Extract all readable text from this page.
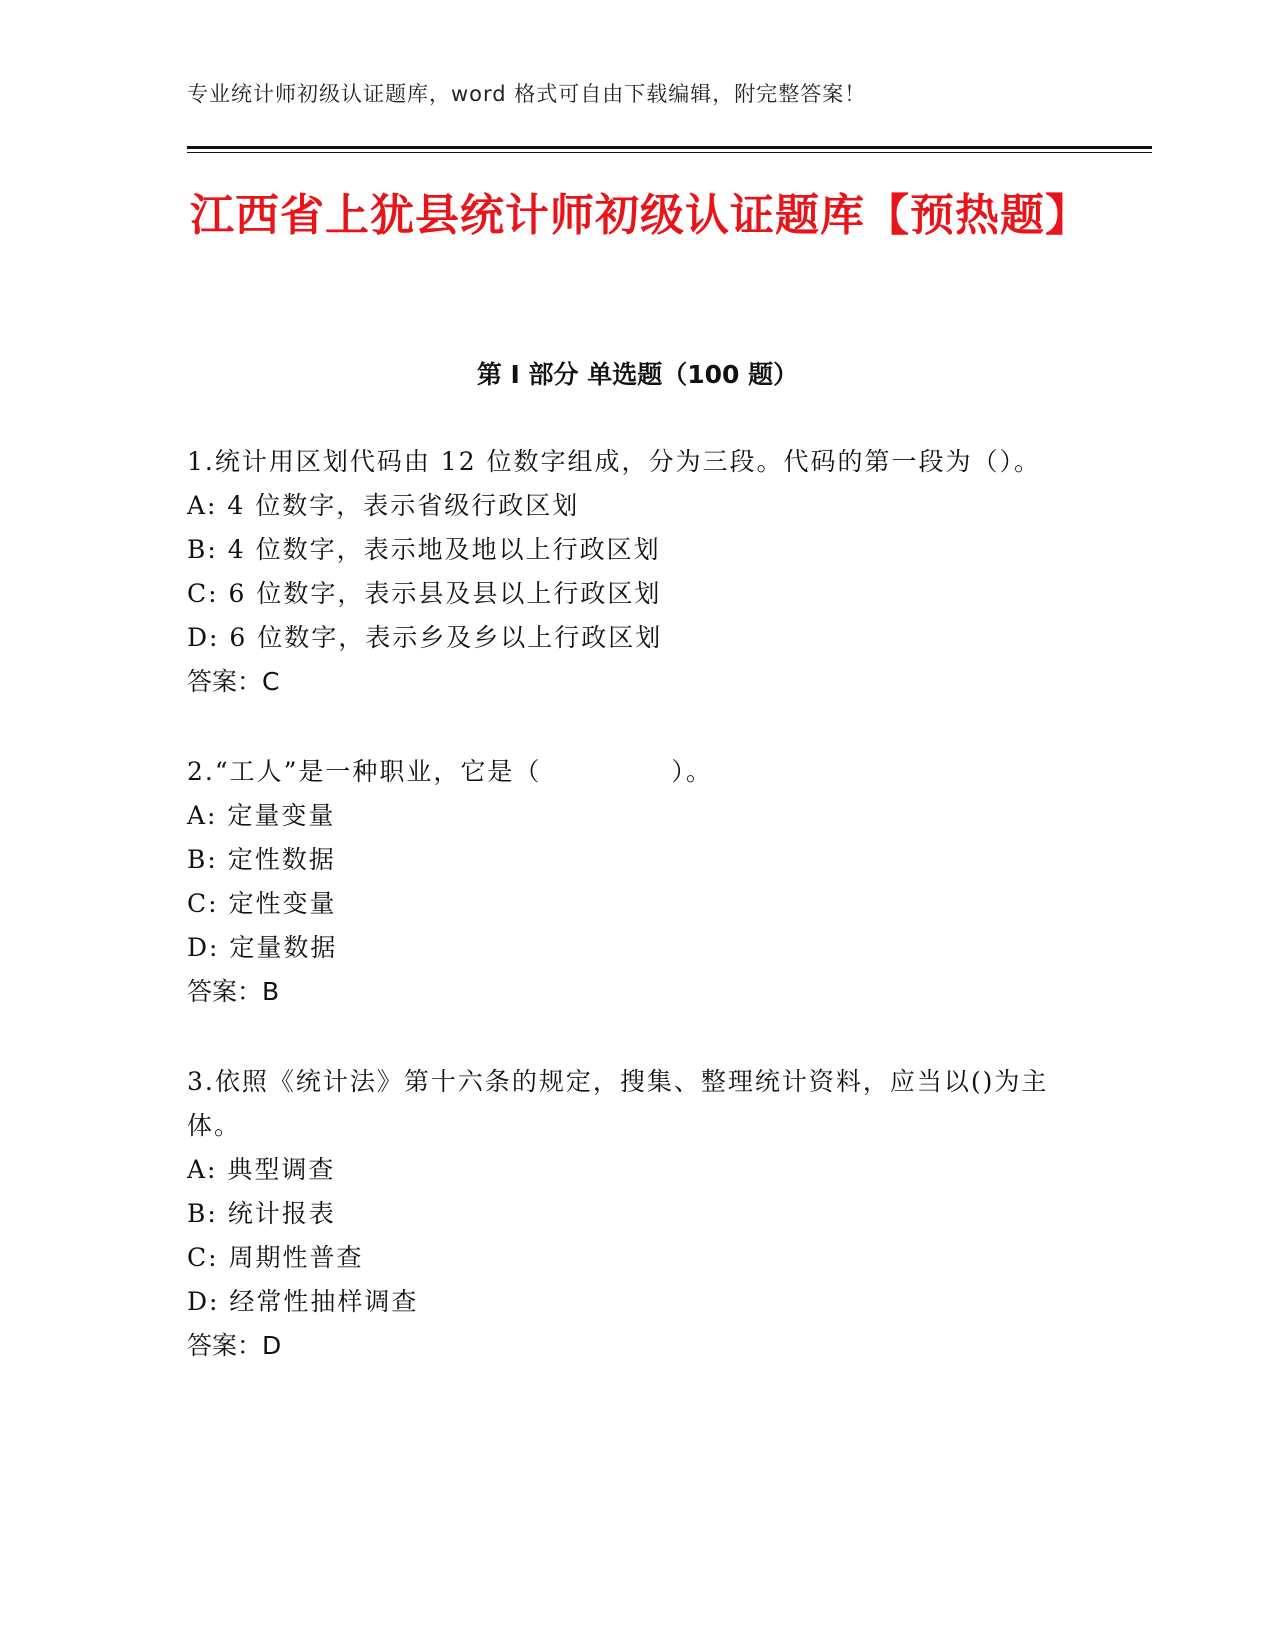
专业统计师初级认证题库，word 格式可自由下载编辑，附完整答案！
江西省上犹县统计师初级认证题库【预热题】
第 I 部分 单选题（100 题）

1.统计用区划代码由 12 位数字组成，分为三段。代码的第一段为（）。

A: 4 位数字，表示省级行政区划

B: 4 位数字，表示地及地以上行政区划

C: 6 位数字，表示县及县以上行政区划

D: 6 位数字，表示乡及乡以上行政区划

答案：C

2.“工人”是一种职业，它是（	）。

A: 定量变量

B: 定性数据

C: 定性变量

D: 定量数据

答案：B

3.依照《统计法》第十六条的规定，搜集、整理统计资料，应当以()为主体。

A: 典型调查

B: 统计报表

C: 周期性普查

D: 经常性抽样调查

答案：D
